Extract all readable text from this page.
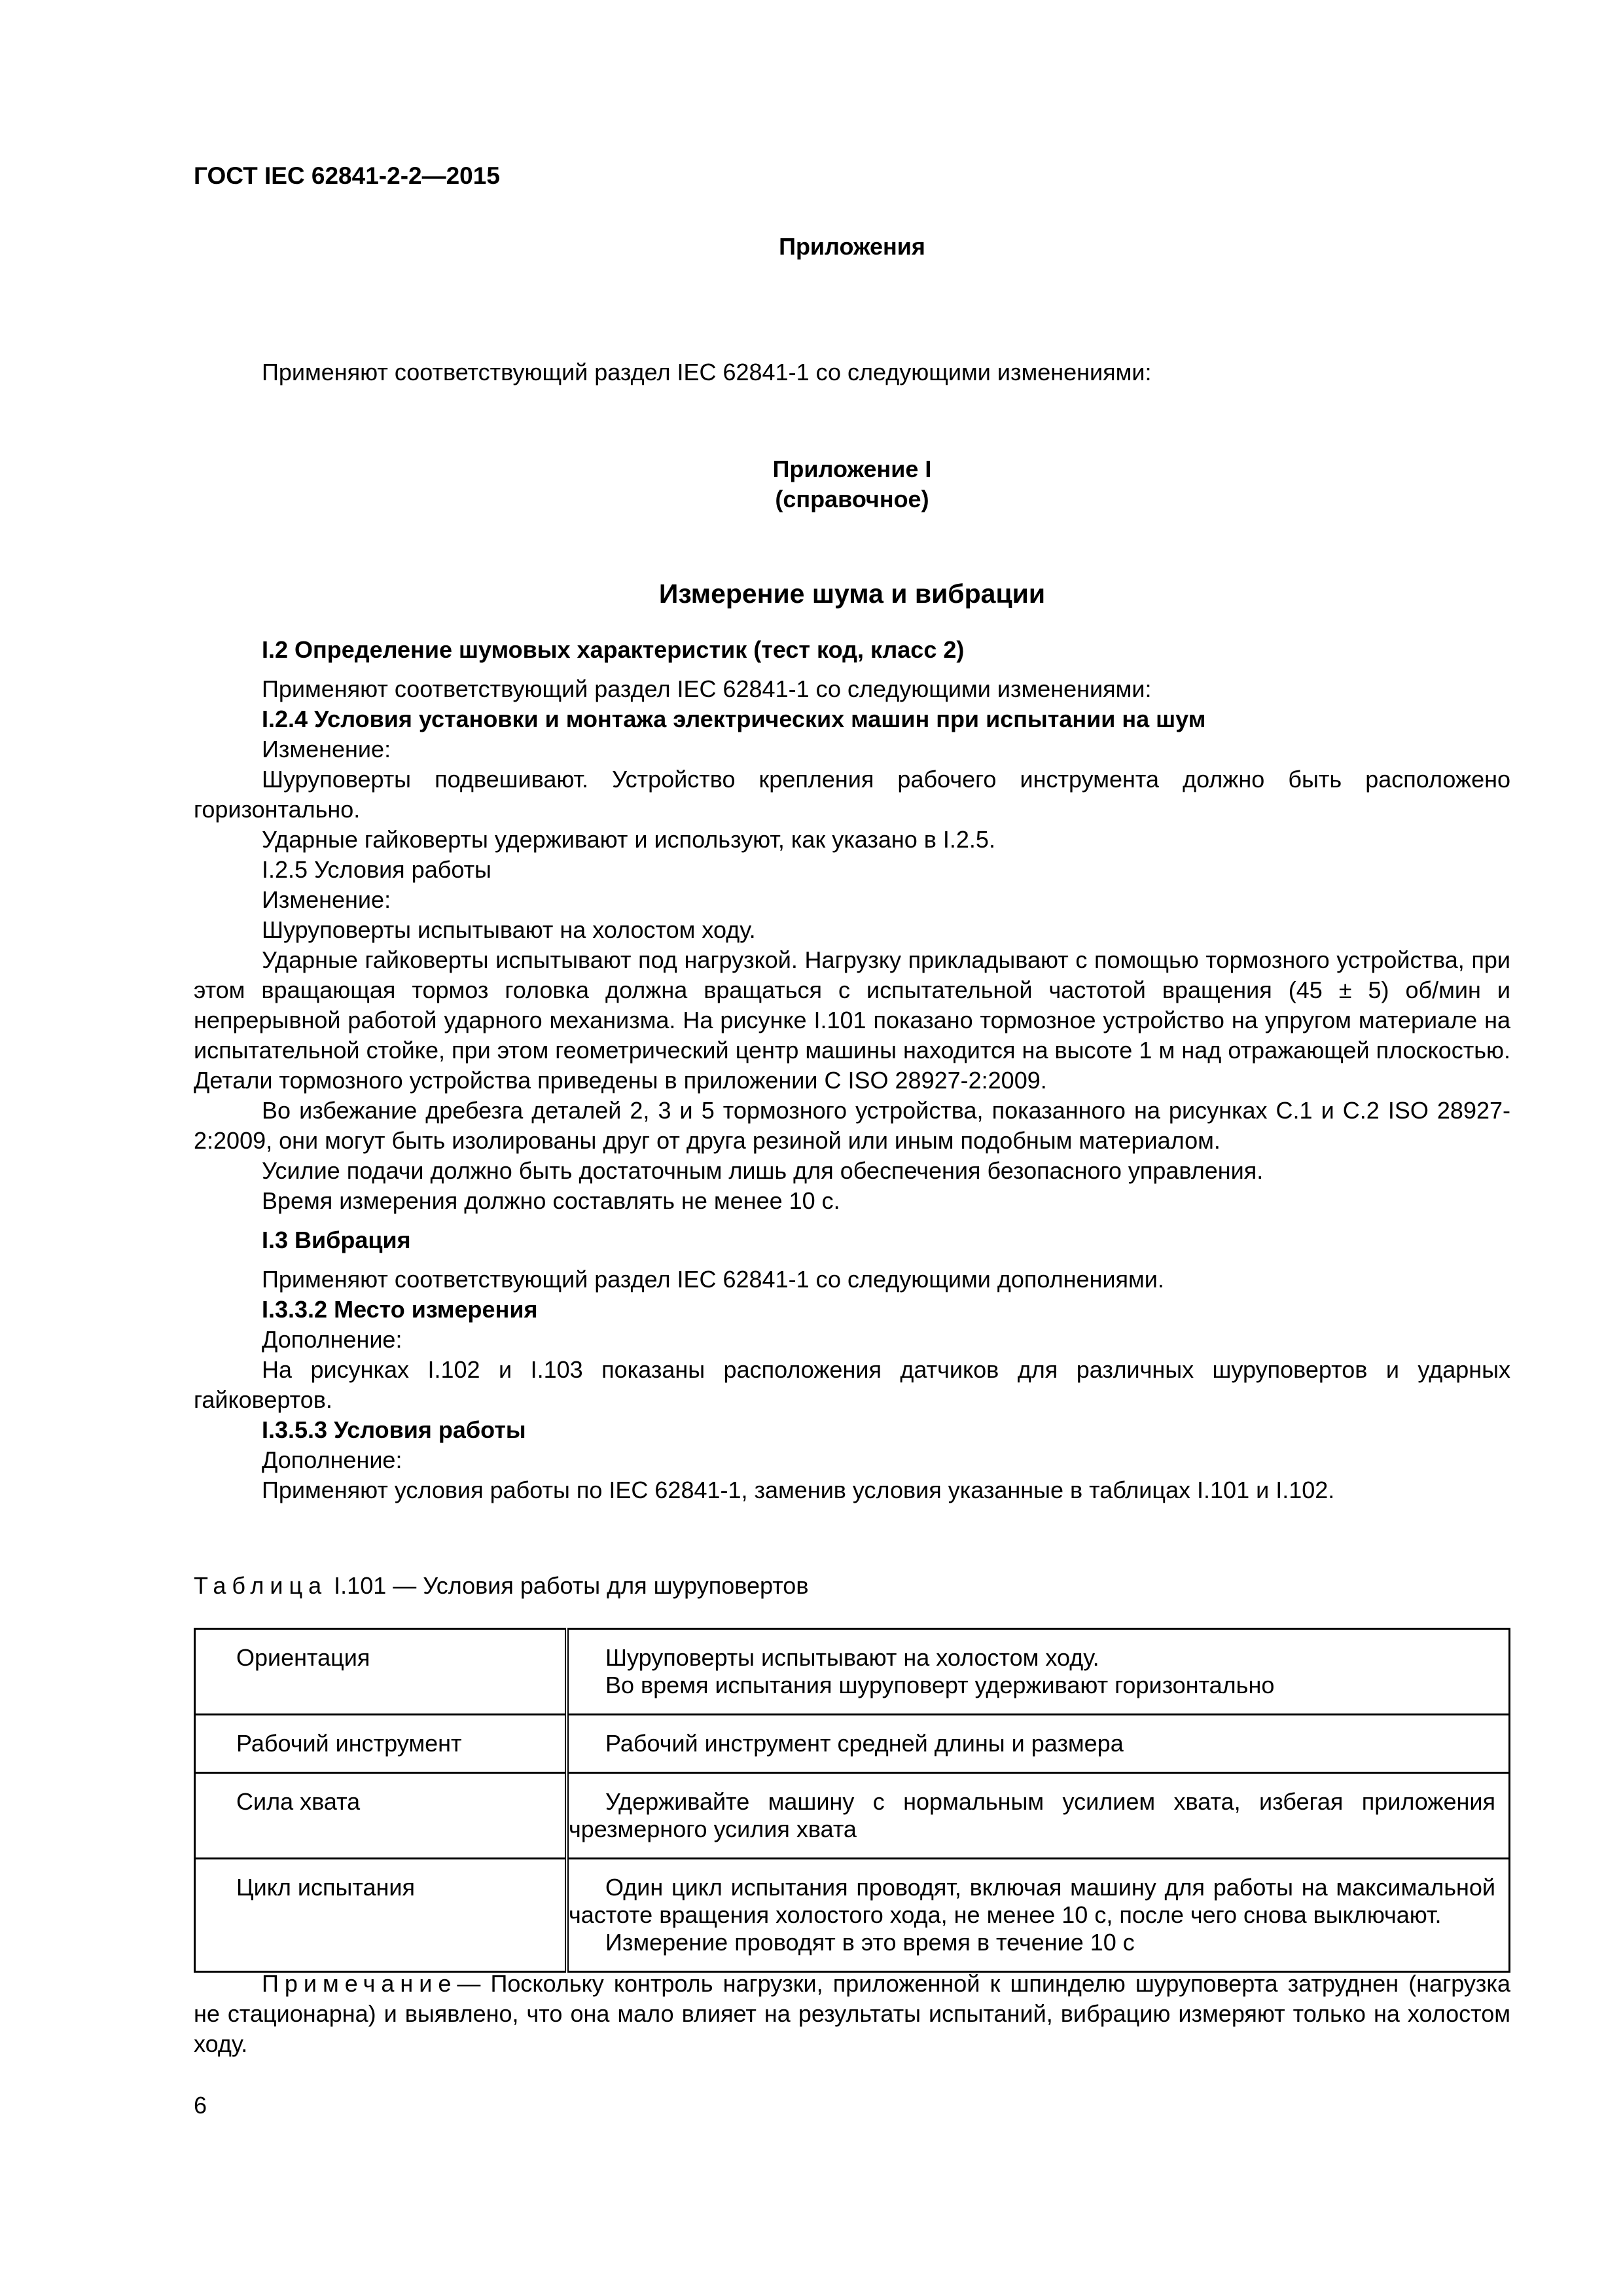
ГОСТ IEC 62841-2-2—2015
Приложения

Применяют соответствующий раздел IEC 62841-1 со следующими изменениями:

Приложение I
(справочное)
Измерение шума и вибрации

I.2 Определение шумовых характеристик (тест код, класс 2)

Применяют соответствующий раздел IEC 62841-1 со следующими изменениями:

I.2.4 Условия установки и монтажа электрических машин при испытании на шум

Изменение:

Шуруповерты подвешивают. Устройство крепления рабочего инструмента должно быть расположено горизонтально.

Ударные гайковерты удерживают и используют, как указано в I.2.5.

I.2.5 Условия работы

Изменение:

Шуруповерты испытывают на холостом ходу.

Ударные гайковерты испытывают под нагрузкой. Нагрузку прикладывают с помощью тормозного устройства, при этом вращающая тормоз головка должна вращаться с испытательной частотой вращения (45 ± 5) об/мин и непрерывной работой ударного механизма. На рисунке I.101 показано тормозное устройство на упругом материале на испытательной стойке, при этом геометрический центр машины находится на высоте 1 м над отражающей плоскостью. Детали тормозного устройства приведены в приложении С ISO 28927-2:2009.

Во избежание дребезга деталей 2, 3 и 5 тормозного устройства, показанного на рисунках С.1 и С.2 ISO 28927-2:2009, они могут быть изолированы друг от друга резиной или иным подобным материалом.

Усилие подачи должно быть достаточным лишь для обеспечения безопасного управления.

Время измерения должно составлять не менее 10 с.

I.3 Вибрация

Применяют соответствующий раздел IEC 62841-1 со следующими дополнениями.

I.3.3.2 Место измерения

Дополнение:

На рисунках I.102 и I.103 показаны расположения датчиков для различных шуруповертов и ударных гайковертов.

I.3.5.3 Условия работы

Дополнение:

Применяют условия работы по IEC 62841-1, заменив условия указанные в таблицах I.101 и I.102.

Таблица I.101 — Условия работы для шуруповертов
Ориентация	Шуруповерты испытывают на холостом ходу.
Во время испытания шуруповерт удерживают горизонтально

Рабочий инструмент	Рабочий инструмент средней длины и размера

Сила хвата	Удерживайте машину с нормальным усилием хвата, избегая приложения чрезмерного усилия хвата

Цикл испытания	Один цикл испытания проводят, включая машину для работы на максимальной частоте вращения холостого хода, не менее 10 с, после чего снова выключают.
Измерение проводят в это время в течение 10 с

Примечание— Поскольку контроль нагрузки, приложенной к шпинделю шуруповерта затруднен (нагрузка не стационарна) и выявлено, что она мало влияет на результаты испытаний, вибрацию измеряют только на холостом ходу.

6
